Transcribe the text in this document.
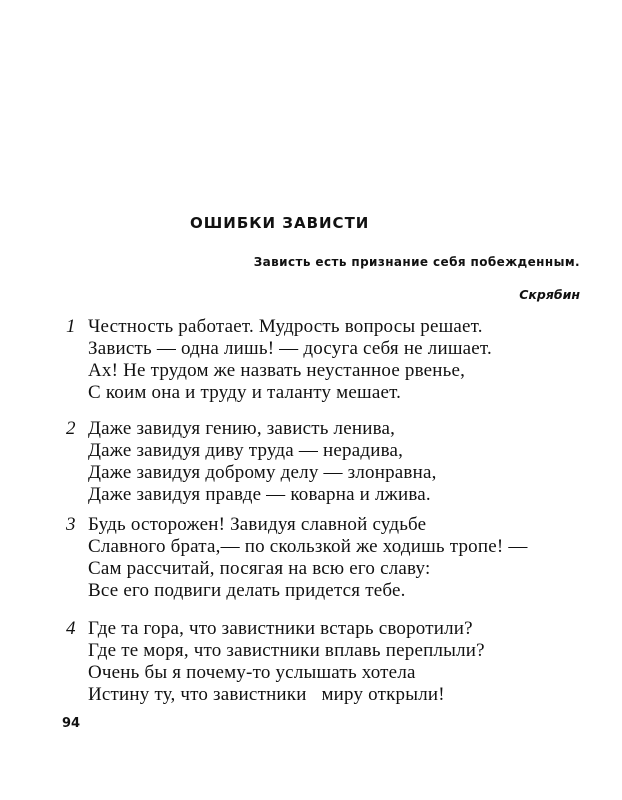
ОШИБКИ ЗАВИСТИ
Зависть есть признание себя побежденным.
Скрябин
1 Честность работает. Мудрость вопросы решает.
Зависть — одна лишь! — досуга себя не лишает.
Ах! Не трудом же назвать неустанное рвенье,
С коим она и труду и таланту мешает.
2 Даже завидуя гению, зависть ленива,
Даже завидуя диву труда — нерадива,
Даже завидуя доброму делу — злонравна,
Даже завидуя правде — коварна и лжива.
3 Будь осторожен! Завидуя славной судьбе
Славного брата,— по скользкой же ходишь тропе! —
Сам рассчитай, посягая на всю его славу:
Все его подвиги делать придется тебе.
4 Где та гора, что завистники встарь своротили?
Где те моря, что завистники вплавь переплыли?
Очень бы я почему-то услышать хотела
Истину ту, что завистники   миру открыли!
94
